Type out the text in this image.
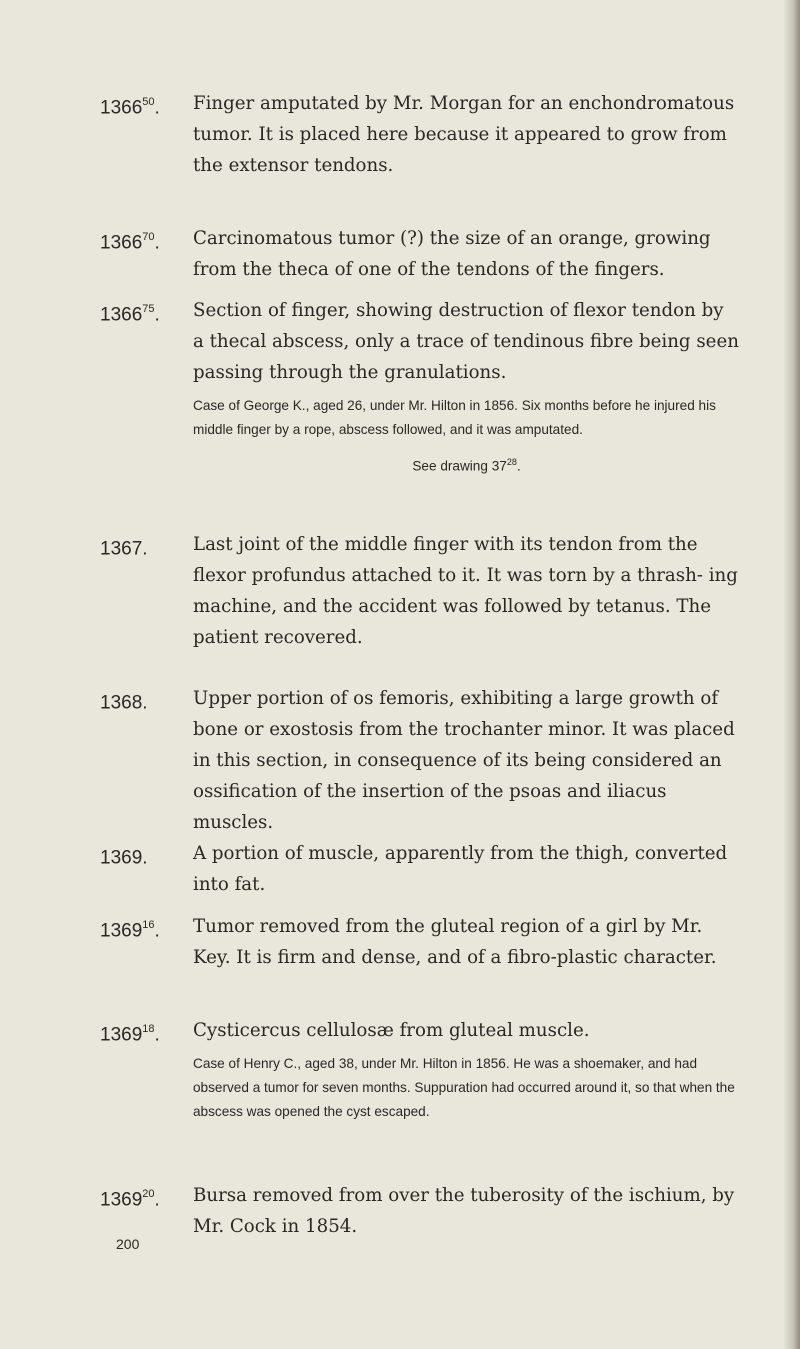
1366$^{50}$. Finger amputated by Mr. Morgan for an enchondromatous tumor. It is placed here because it appeared to grow from the extensor tendons.
1366$^{70}$. Carcinomatous tumor (?) the size of an orange, growing from the theca of one of the tendons of the fingers.
1366$^{75}$. Section of finger, showing destruction of flexor tendon by a thecal abscess, only a trace of tendinous fibre being seen passing through the granulations.
Case of George K., aged 26, under Mr. Hilton in 1856. Six months before he injured his middle finger by a rope, abscess followed, and it was amputated.
See drawing $37^{28}$.
1367. Last joint of the middle finger with its tendon from the flexor profundus attached to it. It was torn by a thrash- ing machine, and the accident was followed by tetanus. The patient recovered.
1368. Upper portion of os femoris, exhibiting a large growth of bone or exostosis from the trochanter minor. It was placed in this section, in consequence of its being considered an ossification of the insertion of the psoas and iliacus muscles.
1369. A portion of muscle, apparently from the thigh, converted into fat.
1369$^{16}$. Tumor removed from the gluteal region of a girl by Mr. Key. It is firm and dense, and of a fibro-plastic character.
1369$^{18}$. Cysticercus cellulosæ from gluteal muscle.
Case of Henry C., aged 38, under Mr. Hilton in 1856. He was a shoemaker, and had observed a tumor for seven months. Suppuration had occurred around it, so that when the abscess was opened the cyst escaped.
1369$^{20}$. Bursa removed from over the tuberosity of the ischium, by Mr. Cock in 1854.
200
